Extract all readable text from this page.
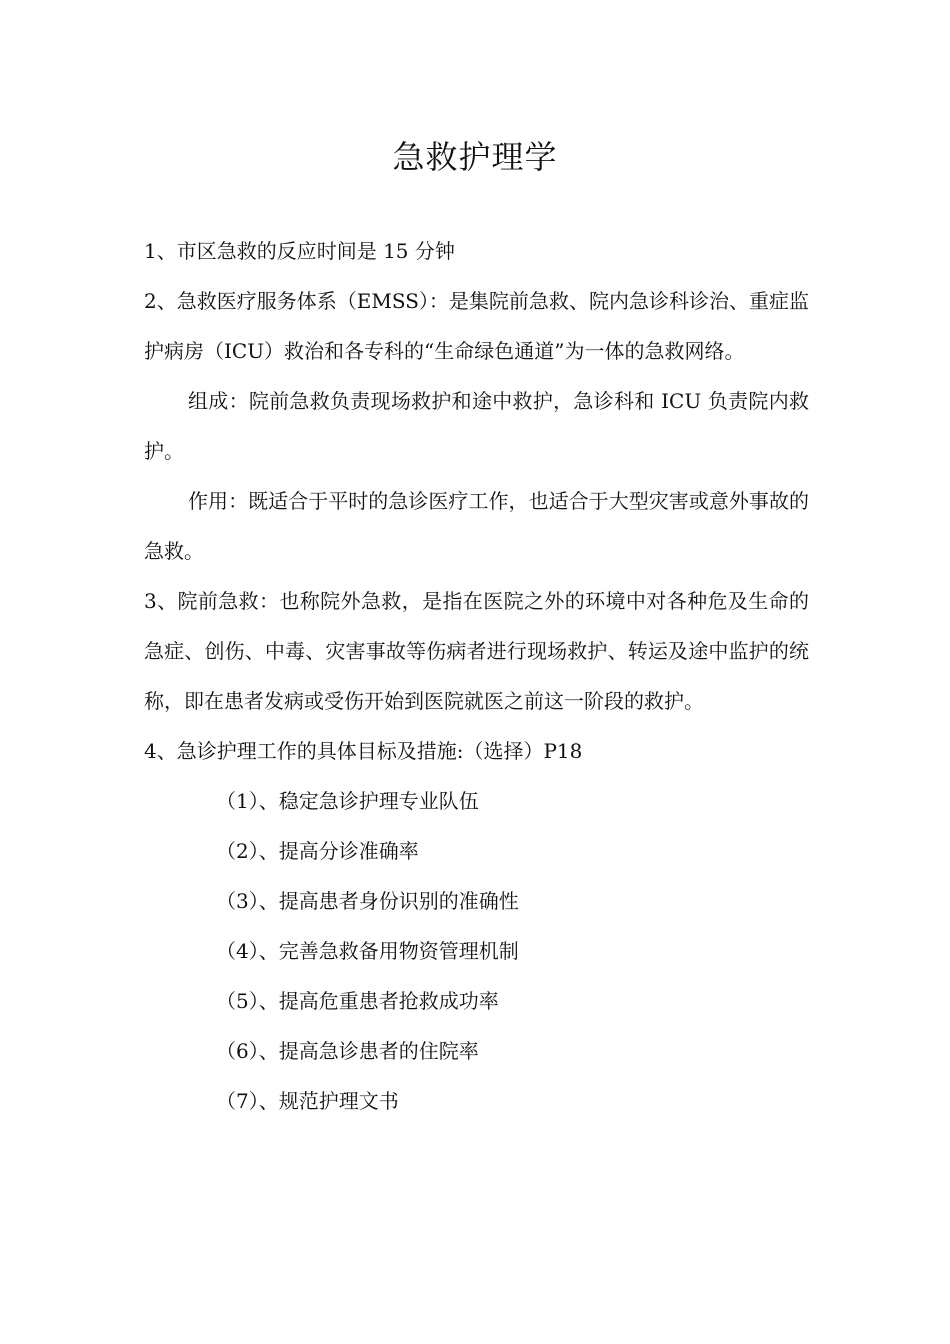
急救护理学

1、市区急救的反应时间是 15 分钟

2、急救医疗服务体系（EMSS）：是集院前急救、院内急诊科诊治、重症监护病房（ICU）救治和各专科的“生命绿色通道”为一体的急救网络。

组成：院前急救负责现场救护和途中救护，急诊科和 ICU 负责院内救护。

作用：既适合于平时的急诊医疗工作，也适合于大型灾害或意外事故的急救。

3、院前急救：也称院外急救，是指在医院之外的环境中对各种危及生命的急症、创伤、中毒、灾害事故等伤病者进行现场救护、转运及途中监护的统称，即在患者发病或受伤开始到医院就医之前这一阶段的救护。

4、急诊护理工作的具体目标及措施:（选择）P18

（1）、稳定急诊护理专业队伍
（2）、提高分诊准确率
（3）、提高患者身份识别的准确性
（4）、完善急救备用物资管理机制
（5）、提高危重患者抢救成功率
（6）、提高急诊患者的住院率
（7）、规范护理文书
